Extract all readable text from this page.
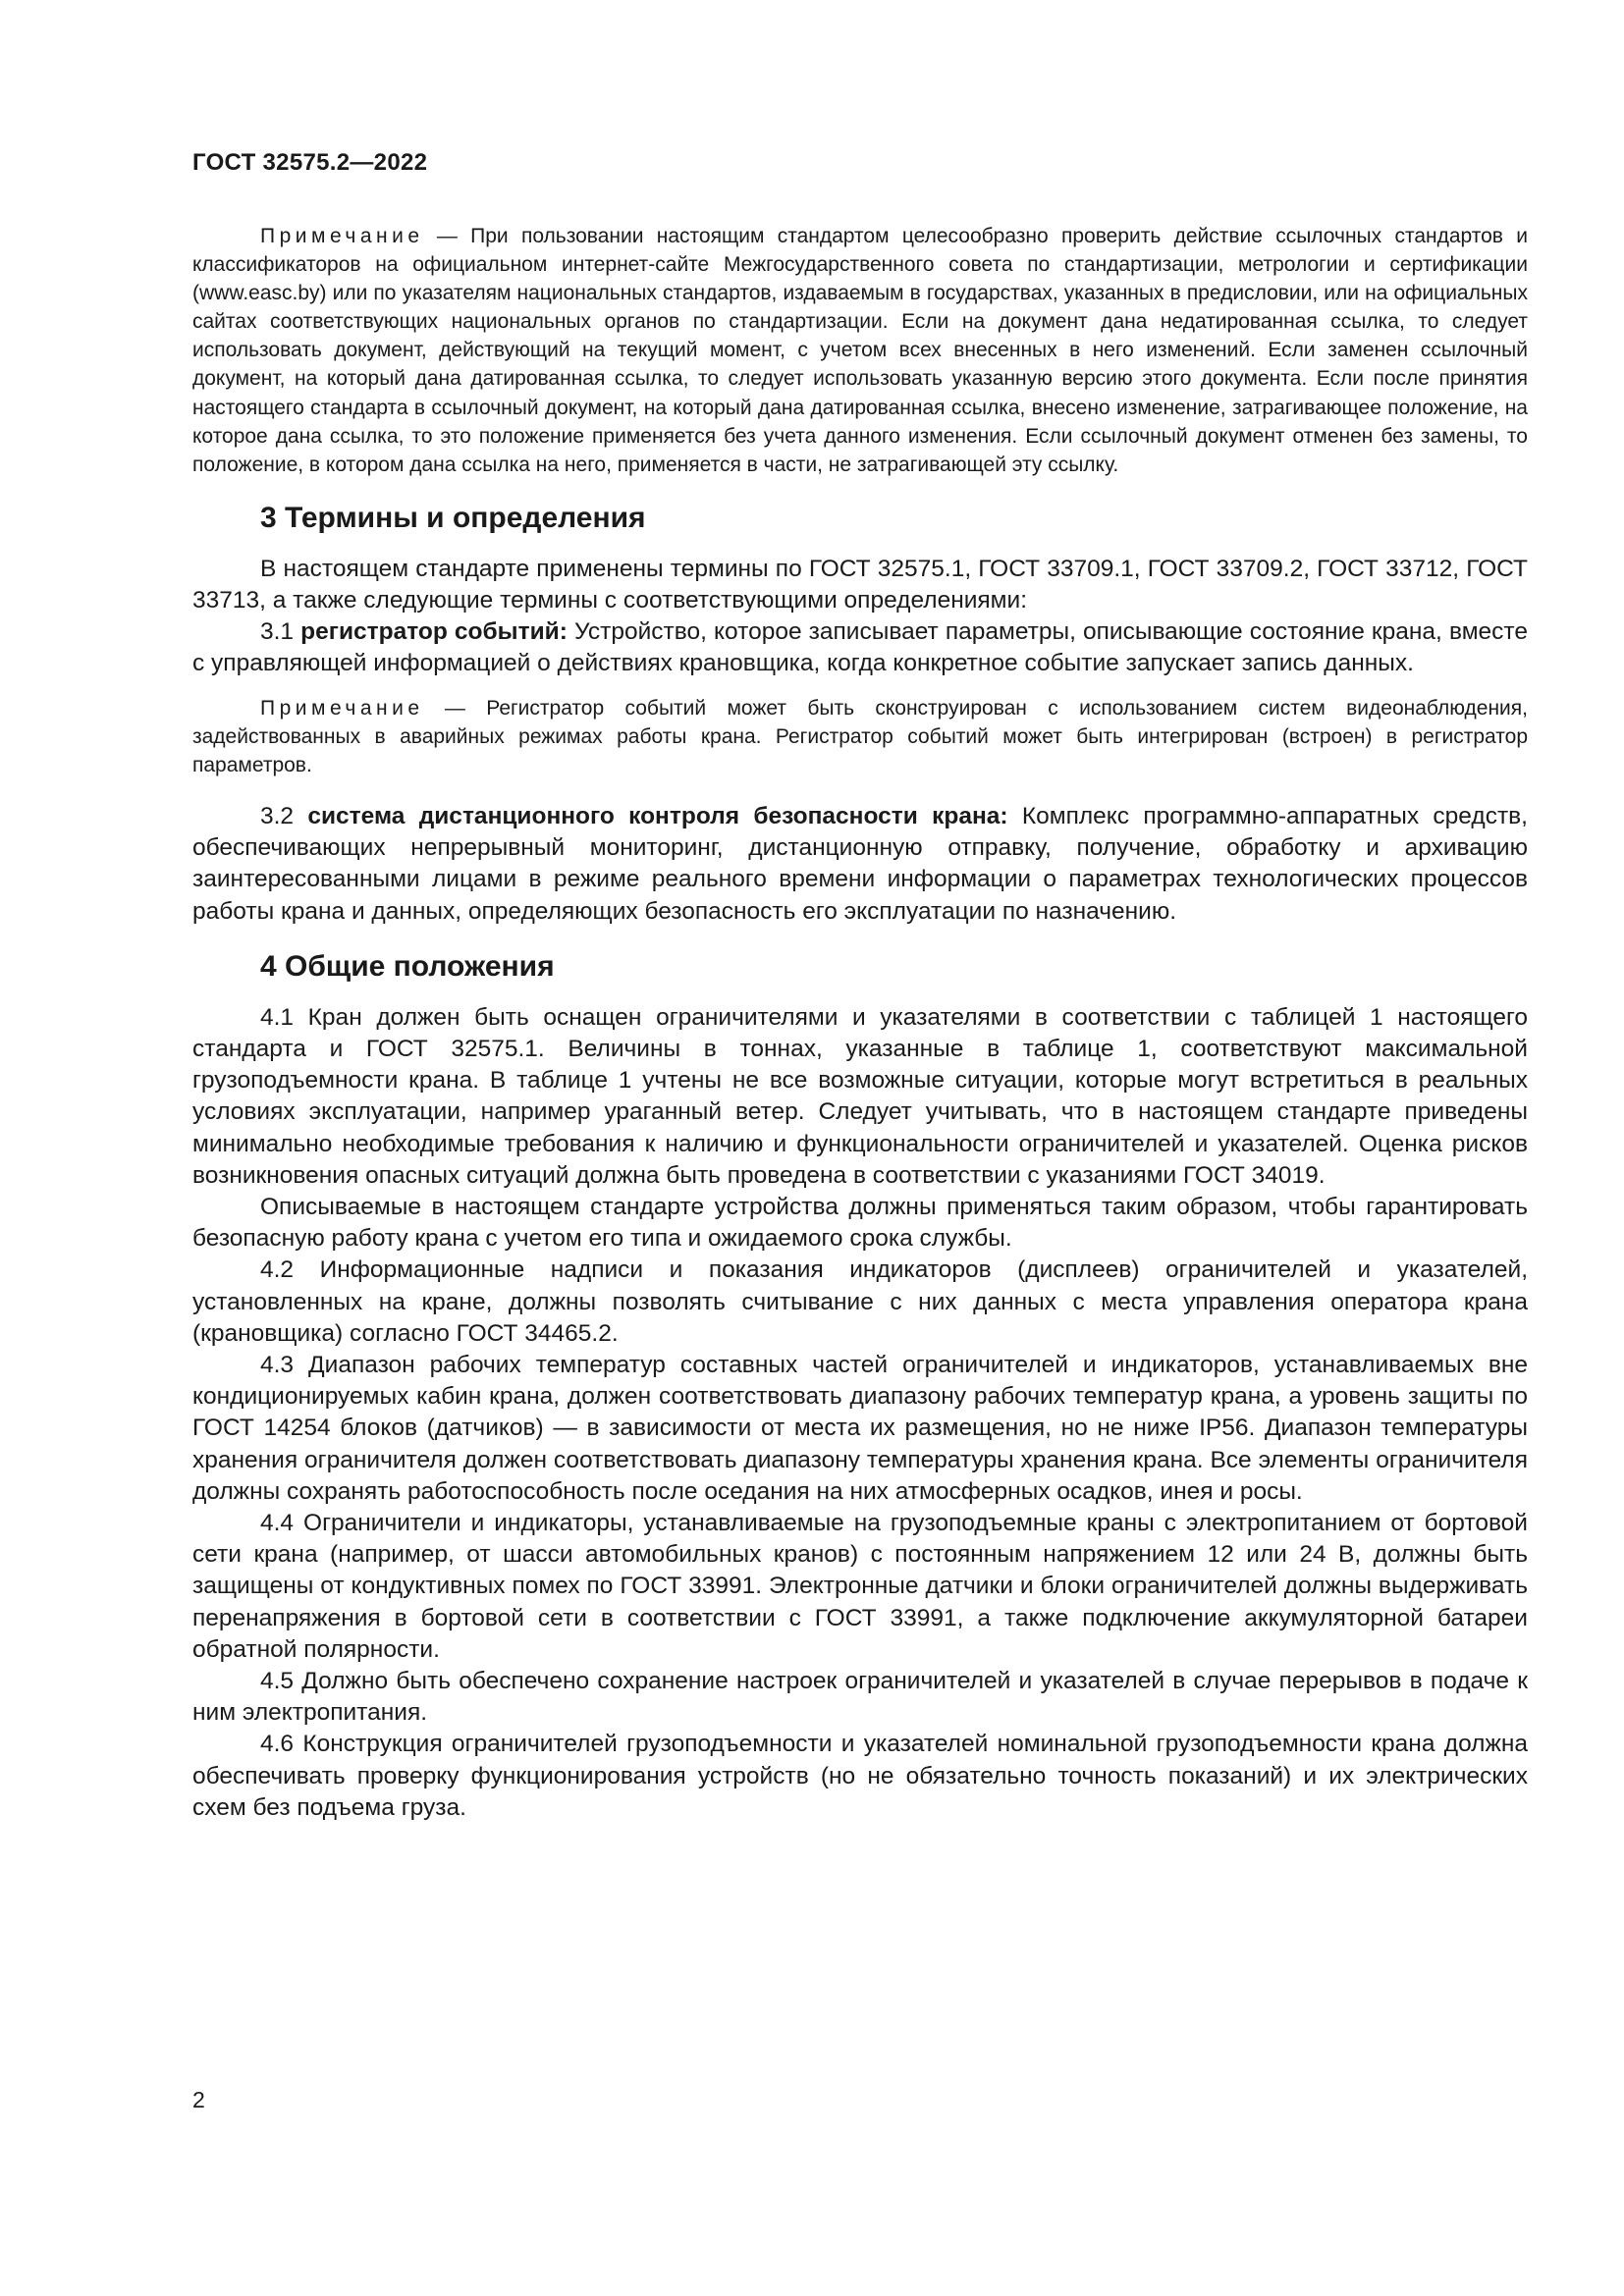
ГОСТ 32575.2—2022

Примечание — При пользовании настоящим стандартом целесообразно проверить действие ссылочных стандартов и классификаторов на официальном интернет-сайте Межгосударственного совета по стандартизации, метрологии и сертификации (www.easc.by) или по указателям национальных стандартов, издаваемым в государствах, указанных в предисловии, или на официальных сайтах соответствующих национальных органов по стандартизации. Если на документ дана недатированная ссылка, то следует использовать документ, действующий на текущий момент, с учетом всех внесенных в него изменений. Если заменен ссылочный документ, на который дана датированная ссылка, то следует использовать указанную версию этого документа. Если после принятия настоящего стандарта в ссылочный документ, на который дана датированная ссылка, внесено изменение, затрагивающее положение, на которое дана ссылка, то это положение применяется без учета данного изменения. Если ссылочный документ отменен без замены, то положение, в котором дана ссылка на него, применяется в части, не затрагивающей эту ссылку.

3 Термины и определения

В настоящем стандарте применены термины по ГОСТ 32575.1, ГОСТ 33709.1, ГОСТ 33709.2, ГОСТ 33712, ГОСТ 33713, а также следующие термины с соответствующими определениями:

3.1 регистратор событий: Устройство, которое записывает параметры, описывающие состояние крана, вместе с управляющей информацией о действиях крановщика, когда конкретное событие запускает запись данных.

Примечание — Регистратор событий может быть сконструирован с использованием систем видеонаблюдения, задействованных в аварийных режимах работы крана. Регистратор событий может быть интегрирован (встроен) в регистратор параметров.

3.2 система дистанционного контроля безопасности крана: Комплекс программно-аппаратных средств, обеспечивающих непрерывный мониторинг, дистанционную отправку, получение, обработку и архивацию заинтересованными лицами в режиме реального времени информации о параметрах технологических процессов работы крана и данных, определяющих безопасность его эксплуатации по назначению.

4 Общие положения

4.1 Кран должен быть оснащен ограничителями и указателями в соответствии с таблицей 1 настоящего стандарта и ГОСТ 32575.1. Величины в тоннах, указанные в таблице 1, соответствуют максимальной грузоподъемности крана. В таблице 1 учтены не все возможные ситуации, которые могут встретиться в реальных условиях эксплуатации, например ураганный ветер. Следует учитывать, что в настоящем стандарте приведены минимально необходимые требования к наличию и функциональности ограничителей и указателей. Оценка рисков возникновения опасных ситуаций должна быть проведена в соответствии с указаниями ГОСТ 34019.

Описываемые в настоящем стандарте устройства должны применяться таким образом, чтобы гарантировать безопасную работу крана с учетом его типа и ожидаемого срока службы.

4.2 Информационные надписи и показания индикаторов (дисплеев) ограничителей и указателей, установленных на кране, должны позволять считывание с них данных с места управления оператора крана (крановщика) согласно ГОСТ 34465.2.

4.3 Диапазон рабочих температур составных частей ограничителей и индикаторов, устанавливаемых вне кондиционируемых кабин крана, должен соответствовать диапазону рабочих температур крана, а уровень защиты по ГОСТ 14254 блоков (датчиков) — в зависимости от места их размещения, но не ниже IP56. Диапазон температуры хранения ограничителя должен соответствовать диапазону температуры хранения крана. Все элементы ограничителя должны сохранять работоспособность после оседания на них атмосферных осадков, инея и росы.

4.4 Ограничители и индикаторы, устанавливаемые на грузоподъемные краны с электропитанием от бортовой сети крана (например, от шасси автомобильных кранов) с постоянным напряжением 12 или 24 В, должны быть защищены от кондуктивных помех по ГОСТ 33991. Электронные датчики и блоки ограничителей должны выдерживать перенапряжения в бортовой сети в соответствии с ГОСТ 33991, а также подключение аккумуляторной батареи обратной полярности.

4.5 Должно быть обеспечено сохранение настроек ограничителей и указателей в случае перерывов в подаче к ним электропитания.

4.6 Конструкция ограничителей грузоподъемности и указателей номинальной грузоподъемности крана должна обеспечивать проверку функционирования устройств (но не обязательно точность показаний) и их электрических схем без подъема груза.

2
